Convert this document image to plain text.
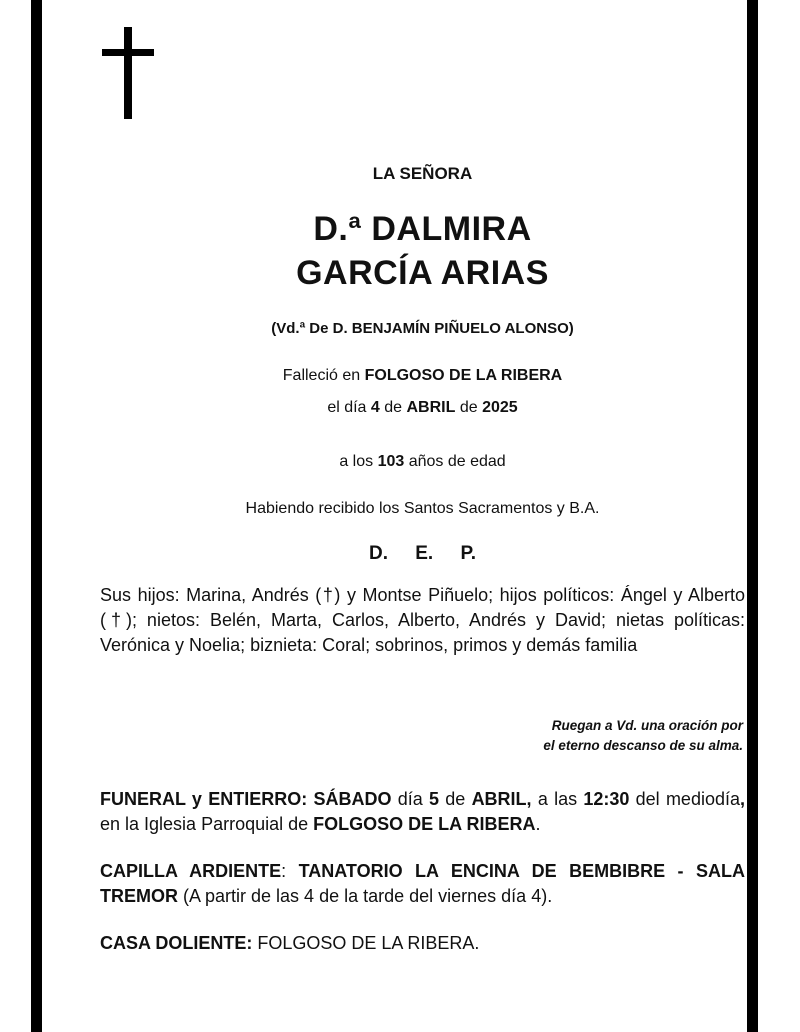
LA SEÑORA
D.ª DALMIRA
GARCÍA ARIAS
(Vd.ª De D. BENJAMÍN PIÑUELO ALONSO)
Falleció en FOLGOSO DE LA RIBERA
el día 4 de ABRIL de 2025
a los 103 años de edad
Habiendo recibido los Santos Sacramentos y B.A.
D. E. P.

Sus hijos: Marina, Andrés (†) y Montse Piñuelo; hijos políticos: Ángel y Alberto (†); nietos: Belén, Marta, Carlos, Alberto, Andrés y David; nietas políticas: Verónica y Noelia; biznieta: Coral; sobrinos, primos y demás familia

Ruegan a Vd. una oración por
el eterno descanso de su alma.

FUNERAL y ENTIERRO: SÁBADO día 5 de ABRIL, a las 12:30 del mediodía, en la Iglesia Parroquial de FOLGOSO DE LA RIBERA.

CAPILLA ARDIENTE: TANATORIO LA ENCINA DE BEMBIBRE - SALA TREMOR (A partir de las 4 de la tarde del viernes día 4).

CASA DOLIENTE: FOLGOSO DE LA RIBERA.
